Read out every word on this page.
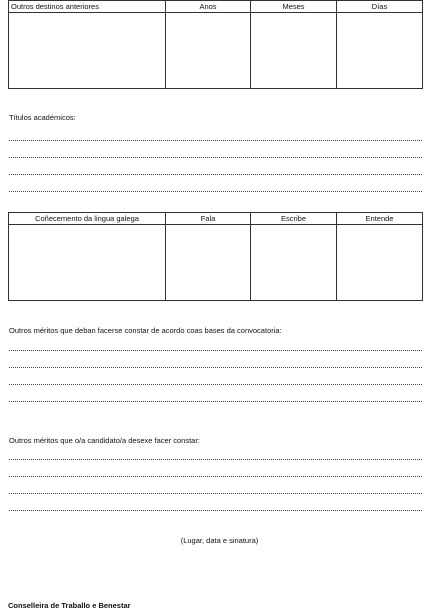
Outros destinos anteriores	Anos	Meses	Días

Títulos académicos:
Coñecemento da lingua galega	Fala	Escribe	Entende

Outros méritos que deban facerse constar de acordo coas bases da convocatoria:
Outros méritos que o/a candidato/a desexe facer constar:
(Lugar, data e sinatura)
Conselleira de Traballo e Benestar
